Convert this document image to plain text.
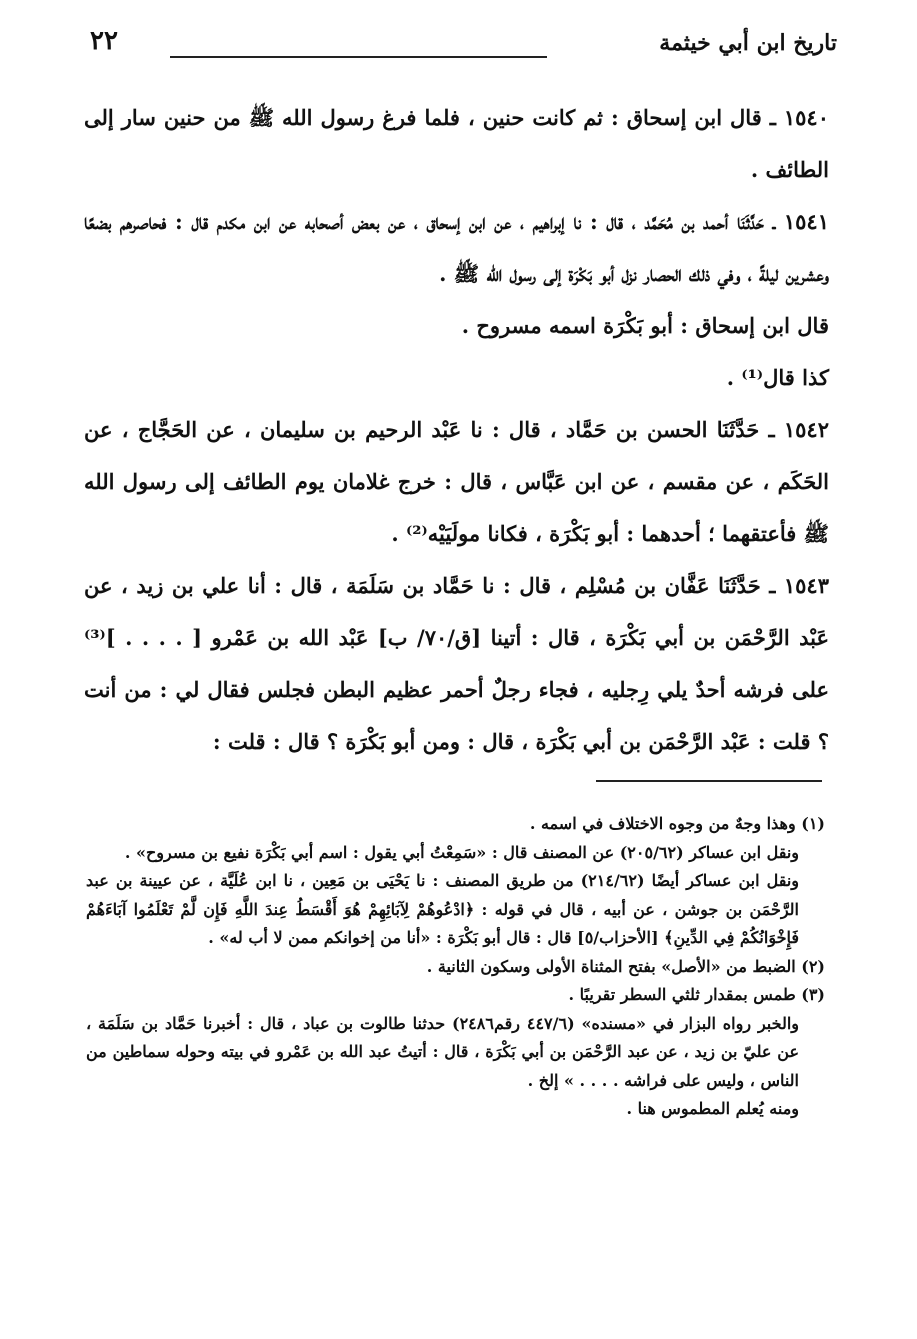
تاريخ ابن أبي خيثمة
٢٢

١٥٤٠ ـ قال ابن إسحاق : ثم كانت حنين ، فلما فرغ رسول الله ﷺ من حنين سار إلى الطائف .

١٥٤١ ـ حَدَّثَنَا أحمد بن مُحَمَّد ، قال : نا إبراهيم ، عن ابن إسحاق ، عن بعض أصحابه عن ابن مكدم قال : فحاصرهم بضعًا وعشرين ليلةً ، وفي ذلك الحصار نزل أبو بَكْرَة إلى رسول الله ﷺ .

قال ابن إسحاق : أبو بَكْرَة اسمه مسروح .

كذا قال⁽¹⁾ .

١٥٤٢ ـ حَدَّثَنَا الحسن بن حَمَّاد ، قال : نا عَبْد الرحيم بن سليمان ، عن الحَجَّاج ، عن الحَكَم ، عن مقسم ، عن ابن عَبَّاس ، قال : خرج غلامان يوم الطائف إلى رسول الله ﷺ فأعتقهما ؛ أحدهما : أبو بَكْرَة ، فكانا مولَيَيْه⁽²⁾ .

١٥٤٣ ـ حَدَّثَنَا عَفَّان بن مُسْلِم ، قال : نا حَمَّاد بن سَلَمَة ، قال : أنا علي بن زيد ، عن عَبْد الرَّحْمَن بن أبي بَكْرَة ، قال : أتينا [ق/٧٠/ ب] عَبْد الله بن عَمْرو [ . . . . ]⁽³⁾ على فرشه أحدٌ يلي رِجليه ، فجاء رجلٌ أحمر عظيم البطن فجلس فقال لي : من أنت ؟ قلت : عَبْد الرَّحْمَن بن أبي بَكْرَة ، قال : ومن أبو بَكْرَة ؟ قال : قلت :

(١) وهذا وجهٌ من وجوه الاختلاف في اسمه .

ونقل ابن عساكر (٢٠٥/٦٢) عن المصنف قال : «سَمِعْتُ أبي يقول : اسم أبي بَكْرَة نفيع بن مسروح» .

ونقل ابن عساكر أيضًا (٢١٤/٦٢) من طريق المصنف : نا يَحْيَى بن مَعِين ، نا ابن عُلَيَّة ، عن عيينة بن عبد الرَّحْمَن بن جوشن ، عن أبيه ، قال في قوله : ﴿ادْعُوهُمْ لِآبَائِهِمْ هُوَ أَقْسَطُ عِندَ اللَّهِ فَإِن لَّمْ تَعْلَمُوا آبَاءَهُمْ فَإِخْوَانُكُمْ فِي الدِّينِ﴾ [الأحزاب/٥] قال : قال أبو بَكْرَة : «أنا من إخوانكم ممن لا أب له» .

(٢) الضبط من «الأصل» بفتح المثناة الأولى وسكون الثانية .

(٣) طمس بمقدار ثلثي السطر تقريبًا .

والخبر رواه البزار في «مسنده» (٤٤٧/٦ رقم٢٤٨٦) حدثنا طالوت بن عباد ، قال : أخبرنا حَمَّاد بن سَلَمَة ، عن عليّ بن زيد ، عن عبد الرَّحْمَن بن أبي بَكْرَة ، قال : أتيتُ عبد الله بن عَمْرو في بيته وحوله سماطين من الناس ، وليس على فراشه . . . . » إلخ .

ومنه يُعلم المطموس هنا .
